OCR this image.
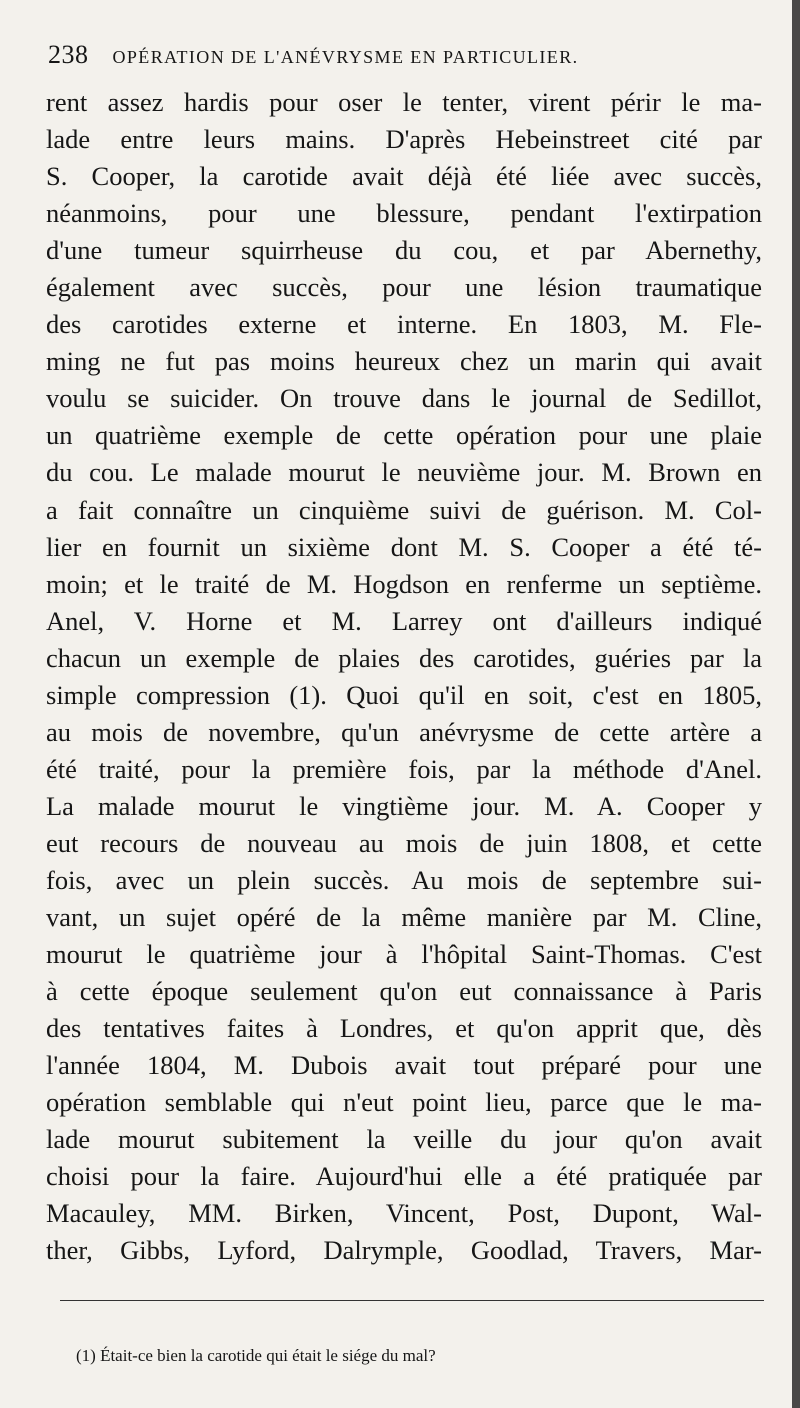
238 OPÉRATION DE L'ANÉVRYSME EN PARTICULIER.
rent assez hardis pour oser le tenter, virent périr le ma-
lade entre leurs mains. D'après Hebeinstreet cité par
S. Cooper, la carotide avait déjà été liée avec succès,
néanmoins, pour une blessure, pendant l'extirpation
d'une tumeur squirrheuse du cou, et par Abernethy,
également avec succès, pour une lésion traumatique
des carotides externe et interne. En 1803, M. Fle-
ming ne fut pas moins heureux chez un marin qui avait
voulu se suicider. On trouve dans le journal de Sedillot,
un quatrième exemple de cette opération pour une plaie
du cou. Le malade mourut le neuvième jour. M. Brown en
a fait connaître un cinquième suivi de guérison. M. Col-
lier en fournit un sixième dont M. S. Cooper a été té-
moin; et le traité de M. Hogdson en renferme un septième.
Anel, V. Horne et M. Larrey ont d'ailleurs indiqué
chacun un exemple de plaies des carotides, guéries par la
simple compression (1). Quoi qu'il en soit, c'est en 1805,
au mois de novembre, qu'un anévrysme de cette artère a
été traité, pour la première fois, par la méthode d'Anel.
La malade mourut le vingtième jour. M. A. Cooper y
eut recours de nouveau au mois de juin 1808, et cette
fois, avec un plein succès. Au mois de septembre sui-
vant, un sujet opéré de la même manière par M. Cline,
mourut le quatrième jour à l'hôpital Saint-Thomas. C'est
à cette époque seulement qu'on eut connaissance à Paris
des tentatives faites à Londres, et qu'on apprit que, dès
l'année 1804, M. Dubois avait tout préparé pour une
opération semblable qui n'eut point lieu, parce que le ma-
lade mourut subitement la veille du jour qu'on avait
choisi pour la faire. Aujourd'hui elle a été pratiquée par
Macauley, MM. Birken, Vincent, Post, Dupont, Wal-
ther, Gibbs, Lyford, Dalrymple, Goodlad, Travers, Mar-
(1) Était-ce bien la carotide qui était le siége du mal?
